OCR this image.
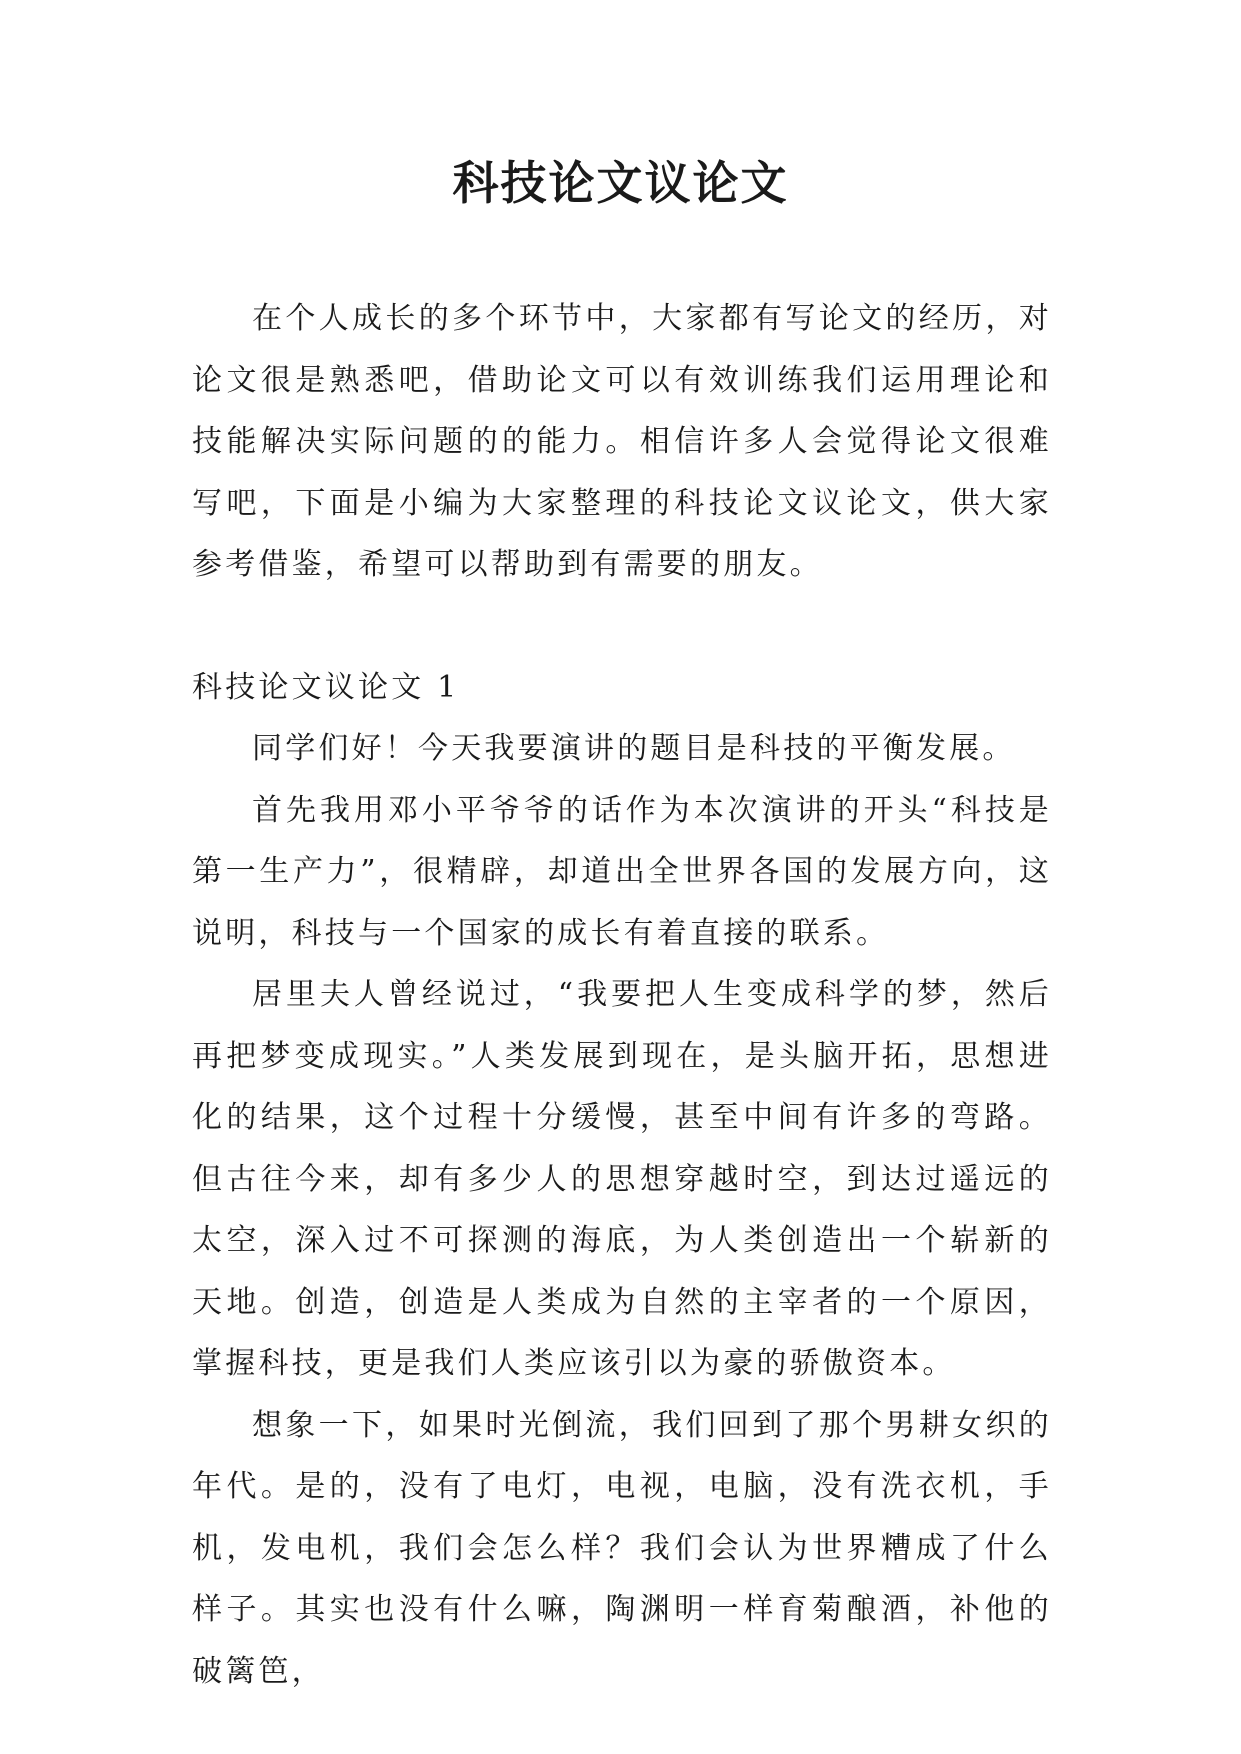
科技论文议论文

在个人成长的多个环节中，大家都有写论文的经历，对论文很是熟悉吧，借助论文可以有效训练我们运用理论和技能解决实际问题的的能力。相信许多人会觉得论文很难写吧，下面是小编为大家整理的科技论文议论文，供大家参考借鉴，希望可以帮助到有需要的朋友。

科技论文议论文 1

同学们好！今天我要演讲的题目是科技的平衡发展。

首先我用邓小平爷爷的话作为本次演讲的开头“科技是第一生产力”，很精辟，却道出全世界各国的发展方向，这说明，科技与一个国家的成长有着直接的联系。

居里夫人曾经说过，“我要把人生变成科学的梦，然后再把梦变成现实。”人类发展到现在，是头脑开拓，思想进化的结果，这个过程十分缓慢，甚至中间有许多的弯路。但古往今来，却有多少人的思想穿越时空，到达过遥远的太空，深入过不可探测的海底，为人类创造出一个崭新的天地。创造，创造是人类成为自然的主宰者的一个原因，掌握科技，更是我们人类应该引以为豪的骄傲资本。

想象一下，如果时光倒流，我们回到了那个男耕女织的年代。是的，没有了电灯，电视，电脑，没有洗衣机，手机，发电机，我们会怎么样？我们会认为世界糟成了什么样子。其实也没有什么嘛，陶渊明一样育菊酿酒，补他的破篱笆，
